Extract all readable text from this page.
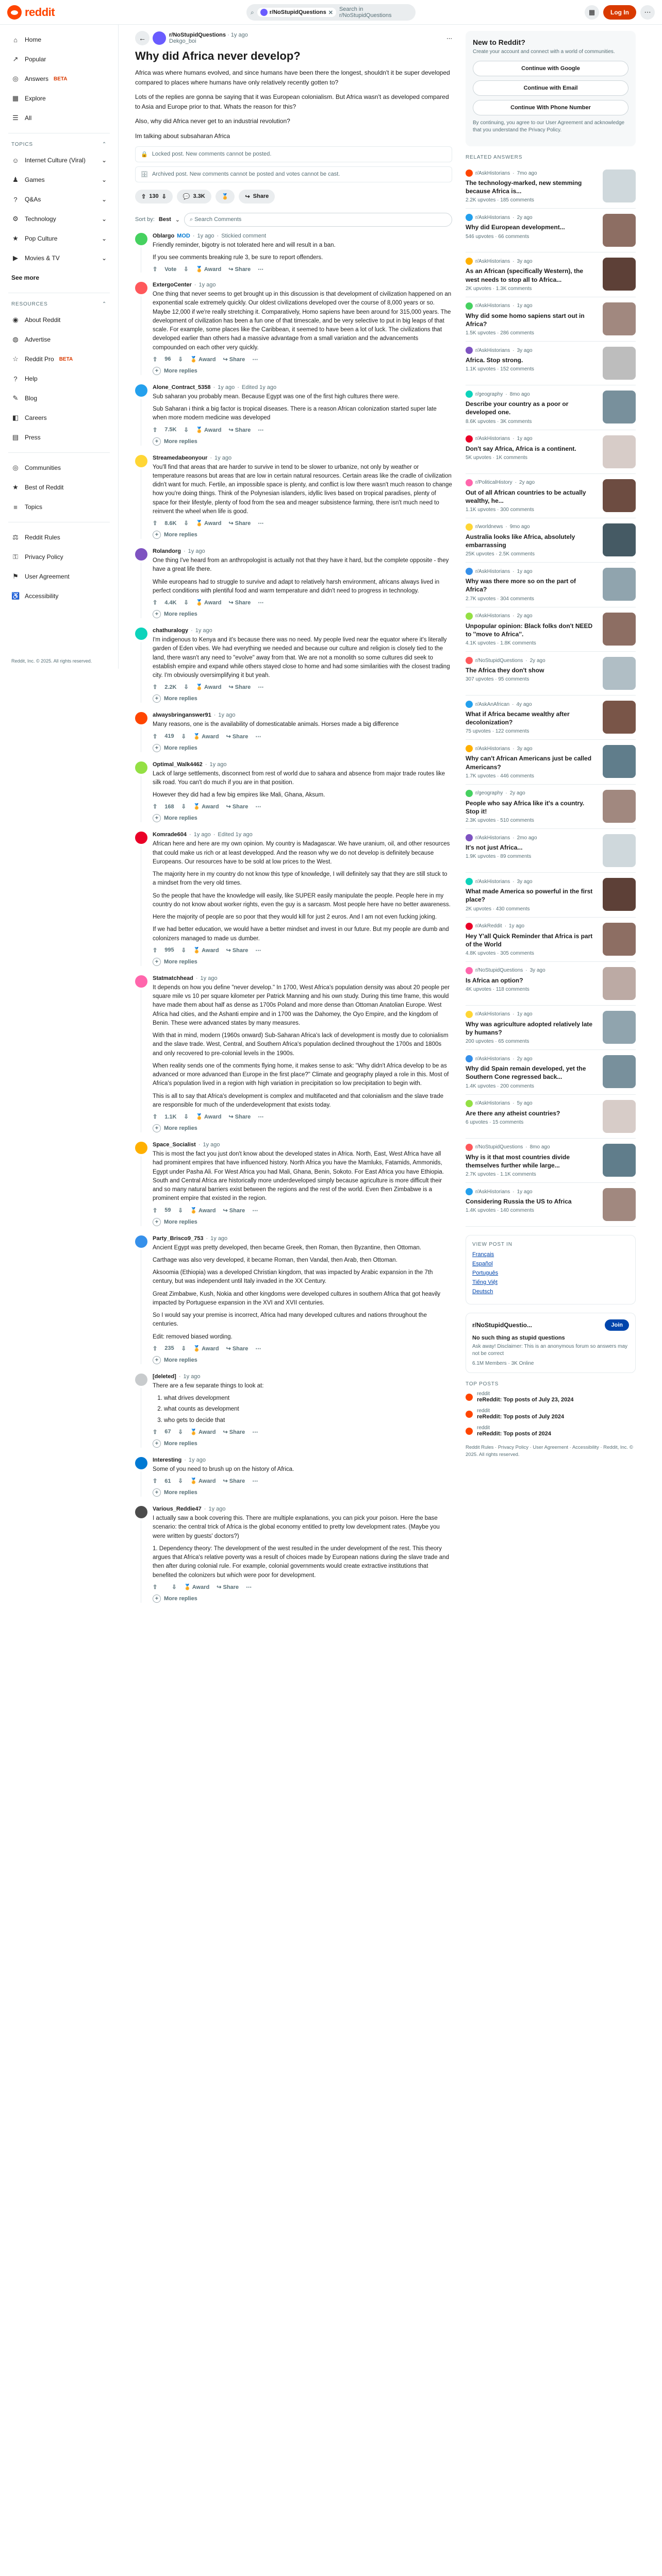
reddit	⌕	r/NoStupidQuestions ✕
Search in r/NoStupidQuestions	▦	Log In	⋯
⌂	Home
↗ Popular
◎ Answers BETA
▦ Explore
☰ All
TOPICS	⌃
☺ Internet Culture (Viral)	⌄
♟ Games	⌄
?	Q&As	⌄
⚙ Technology	⌄
★ Pop Culture	⌄
▶ Movies & TV	⌄
See more
RESOURCES	⌃
◉ About Reddit
◍ Advertise
☆ Reddit Pro BETA
?	Help
✎ Blog
◧ Careers
▤ Press
◎ Communities
★ Best of Reddit
≡	Topics
⚖ Reddit Rules
⚿ Privacy Policy
⚑ User Agreement
♿ Accessibility
Reddit, Inc. © 2025. All rights reserved.
←	r/NoStupidQuestions · 1y ago
Dekgo_boi	⋯
Why did Africa never develop?

Africa was where humans evolved, and since humans have been there the longest, shouldn't it be super developed compared to places where humans have only relatively recently gotten to?

Lots of the replies are gonna be saying that it was European colonialism. But Africa wasn't as developed compared to Asia and Europe prior to that. Whats the reason for this?

Also, why did Africa never get to an industrial revolution?

Im talking about subsaharan Africa

🔒 Locked post. New comments cannot be posted.
🗄 Archived post. New comments cannot be posted and votes cannot be cast.
⇧ 130 ⇩	💬 3.3K	🏅	↪ Share
Sort by: Best ⌄	⌕ Search Comments
Oblargo MOD · 1y ago · Stickied comment

Friendly reminder, bigotry is not tolerated here and will result in a ban.

If you see comments breaking rule 3, be sure to report offenders.

⇧ Vote ⇩ 🏅 Award ↪ Share ⋯
ExtergoCenter · 1y ago

One thing that never seems to get brought up in this discussion is that development of civilization happened on an exponential scale extremely quickly. Our oldest civilizations developed over the course of 8,000 years or so. Maybe 12,000 if we're really stretching it. Comparatively, Homo sapiens have been around for 315,000 years. The development of civilization has been a fun one of that timescale, and be very selective to put in big leaps of that scale. For example, some places like the Caribbean, it seemed to have been a lot of luck. The civilizations that developed earlier than others had a massive advantage from a small variation and the advancements compounded on each other very quickly.

⇧ 96 ⇩ 🏅 Award ↪ Share ⋯
+ More replies
Alone_Contract_5358 · 1y ago · Edited 1y ago

Sub saharan you probably mean. Because Egypt was one of the first high cultures there were.

Sub Saharan i think a big factor is tropical diseases. There is a reason African colonization started super late when more modern medicine was developed

⇧ 7.5K ⇩ 🏅 Award ↪ Share ⋯
+ More replies
Streamedabeonyour · 1y ago

You'll find that areas that are harder to survive in tend to be slower to urbanize, not only by weather or temperature reasons but areas that are low in certain natural resources. Certain areas like the cradle of civilization didn't want for much. Fertile, an impossible space is plenty, and conflict is low there wasn't much reason to change how you're doing things. Think of the Polynesian islanders, idyllic lives based on tropical paradises, plenty of space for their lifestyle, plenty of food from the sea and meager subsistence farming, there isn't much need to reinvent the wheel when life is good.

⇧ 8.6K ⇩ 🏅 Award ↪ Share ⋯
+ More replies
Rolandorg · 1y ago

One thing I've heard from an anthropologist is actually not that they have it hard, but the complete opposite - they have a great life there.

While europeans had to struggle to survive and adapt to relatively harsh environment, africans always lived in perfect conditions with plentiful food and warm temperature and didn't need to progress in technology.

⇧ 4.4K ⇩ 🏅 Award ↪ Share ⋯
+ More replies
chathuralogy · 1y ago

I'm indigenous to Kenya and it's because there was no need. My people lived near the equator where it's literally garden of Eden vibes. We had everything we needed and because our culture and religion is closely tied to the land, there wasn't any need to "evolve" away from that. We are not a monolith so some cultures did seek to establish empire and expand while others stayed close to home and had some similarities with the closest trading city. I'm obviously oversimplifying it but yeah.

⇧ 2.2K ⇩ 🏅 Award ↪ Share ⋯
+ More replies
alwaysbringanswer91 · 1y ago

Many reasons, one is the availability of domesticatable animals. Horses made a big difference

⇧ 419 ⇩ 🏅 Award ↪ Share ⋯
+ More replies
Optimal_Walk4462 · 1y ago

Lack of large settlements, disconnect from rest of world due to sahara and absence from major trade routes like silk road. You can't do much if you are in that position.

However they did had a few big empires like Mali, Ghana, Aksum.

⇧ 168 ⇩ 🏅 Award ↪ Share ⋯
+ More replies
Komrade604 · 1y ago · Edited 1y ago

African here and here are my own opinion. My country is Madagascar. We have uranium, oil, and other resources that could make us rich or at least developped. And the reason why we do not develop is definitely because Europeans. Our resources have to be sold at low prices to the West.

The majority here in my country do not know this type of knowledge, I will definitely say that they are still stuck to a mindset from the very old times.

So the people that have the knowledge will easily, like SUPER easily manipulate the people. People here in my country do not know about worker rights, even the guy is a sarcasm. Most people here have no better awareness.

Here the majority of people are so poor that they would kill for just 2 euros. And I am not even fucking joking.

If we had better education, we would have a better mindset and invest in our future. But my people are dumb and colonizers managed to made us dumber.

⇧ 995 ⇩ 🏅 Award ↪ Share ⋯
+ More replies
Statmatchhead · 1y ago

It depends on how you define "never develop." In 1700, West Africa's population density was about 20 people per square mile vs 10 per square kilometer per Patrick Manning and his own study. During this time frame, this would have made them about half as dense as 1700s Poland and more dense than Ottoman Anatolian Europe. West Africa had cities, and the Ashanti empire and in 1700 was the Dahomey, the Oyo Empire, and the kingdom of Benin. These were advanced states by many measures.

With that in mind, modern (1960s onward) Sub-Saharan Africa's lack of development is mostly due to colonialism and the slave trade. West, Central, and Southern Africa's population declined throughout the 1700s and 1800s and only recovered to pre-colonial levels in the 1900s.

When reality sends one of the comments flying home, it makes sense to ask: "Why didn't Africa develop to be as advanced or more advanced than Europe in the first place?" Climate and geography played a role in this. Most of Africa's population lived in a region with high variation in precipitation so low precipitation to begin with.

This is all to say that Africa's development is complex and multifaceted and that colonialism and the slave trade are responsible for much of the underdevelopment that exists today.

⇧ 1.1K ⇩ 🏅 Award ↪ Share ⋯
+ More replies
Space_Socialist · 1y ago

This is most the fact you just don't know about the developed states in Africa. North, East, West Africa have all had prominent empires that have influenced history. North Africa you have the Mamluks, Fatamids, Ammonids, Egypt under Pasha Ali. For West Africa you had Mali, Ghana, Benin, Sokoto. For East Africa you have Ethiopia. South and Central Africa are historically more underdeveloped simply because agriculture is more difficult their and so many natural barriers exist between the regions and the rest of the world. Even then Zimbabwe is a prominent empire that existed in the region.

⇧ 59 ⇩ 🏅 Award ↪ Share ⋯
+ More replies
Party_Brisco9_753 · 1y ago

Ancient Egypt was pretty developed, then became Greek, then Roman, then Byzantine, then Ottoman.

Carthage was also very developed, it became Roman, then Vandal, then Arab, then Ottoman.

Aksoomia (Ethiopia) was a developed Christian kingdom, that was impacted by Arabic expansion in the 7th century, but was independent until Italy invaded in the XX Century.

Great Zimbabwe, Kush, Nokia and other kingdoms were developed cultures in southern Africa that got heavily impacted by Portuguese expansion in the XVI and XVII centuries.

So I would say your premise is incorrect, Africa had many developed cultures and nations throughout the centuries.

Edit: removed biased wording.

⇧ 235 ⇩ 🏅 Award ↪ Share ⋯
+ More replies
[deleted] · 1y ago

There are a few separate things to look at:

1. what drives development
2. what counts as development
3. who gets to decide that
⇧ 67 ⇩ 🏅 Award ↪ Share ⋯
+ More replies
Interesting · 1y ago

Some of you need to brush up on the history of Africa.

⇧ 61 ⇩ 🏅 Award ↪ Share ⋯
+ More replies
Various_Reddie47 · 1y ago

I actually saw a book covering this. There are multiple explanations, you can pick your poison. Here the base scenario: the central trick of Africa is the global economy entitled to pretty low development rates. (Maybe you were written by guests' doctors?)

1. Dependency theory: The development of the west resulted in the under development of the rest. This theory argues that Africa's relative poverty was a result of choices made by European nations during the slave trade and then after during colonial rule. For example, colonial governments would create extractive institutions that benefited the colonizers but which were poor for development.

⇧	⇩ 🏅 Award ↪ Share ⋯
+ More replies
New to Reddit?
Create your account and connect with a world of communities.
Continue with Google
Continue with Email
Continue With Phone Number
By continuing, you agree to our User Agreement and acknowledge that you understand the Privacy Policy.
RELATED ANSWERS
r/AskHistorians · 7mo ago
The technology-marked, new stemming because Africa is...
2.2K upvotes · 185 comments
r/AskHistorians · 2y ago
Why did European development...
546 upvotes · 66 comments
r/AskHistorians · 3y ago
As an African (specifically Western), the west needs to stop all to Africa...
2K upvotes · 1.3K comments
r/AskHistorians · 1y ago
Why did some homo sapiens start out in Africa?
1.5K upvotes · 286 comments
r/AskHistorians · 3y ago
Africa. Stop strong.
1.1K upvotes · 152 comments
r/geography · 8mo ago
Describe your country as a poor or developed one.
8.6K upvotes · 3K comments
r/AskHistorians · 1y ago
Don't say Africa, Africa is a continent.
5K upvotes · 1K comments
r/PoliticalHistory · 2y ago
Out of all African countries to be actually wealthy, he...
1.1K upvotes · 300 comments
r/worldnews · 9mo ago
Australia looks like Africa, absolutely embarrassing
25K upvotes · 2.5K comments
r/AskHistorians · 1y ago
Why was there more so on the part of Africa?
2.7K upvotes · 304 comments
r/AskHistorians · 2y ago
Unpopular opinion: Black folks don't NEED to ''move to Africa''.
4.1K upvotes · 1.8K comments
r/NoStupidQuestions · 2y ago
The Africa they don't show
307 upvotes · 95 comments
r/AskAnAfrican · 4y ago
What if Africa became wealthy after decolonization?
75 upvotes · 122 comments
r/AskHistorians · 3y ago
Why can't African Americans just be called Americans?
1.7K upvotes · 446 comments
r/geography · 2y ago
People who say Africa like it's a country. Stop it!
2.3K upvotes · 510 comments
r/AskHistorians · 2mo ago
It's not just Africa...
1.9K upvotes · 89 comments
r/AskHistorians · 3y ago
What made America so powerful in the first place?
2K upvotes · 430 comments
r/AskReddit · 1y ago
Hey Y'all Quick Reminder that Africa is part of the World
4.8K upvotes · 305 comments
r/NoStupidQuestions · 3y ago
Is Africa an option?
4K upvotes · 118 comments
r/AskHistorians · 1y ago
Why was agriculture adopted relatively late by humans?
200 upvotes · 65 comments
r/AskHistorians · 2y ago
Why did Spain remain developed, yet the Southern Cone regressed back...
1.4K upvotes · 200 comments
r/AskHistorians · 5y ago
Are there any atheist countries?
6 upvotes · 15 comments
r/NoStupidQuestions · 8mo ago
Why is it that most countries divide themselves further while large...
2.7K upvotes · 1.1K comments
r/AskHistorians · 1y ago
Considering Russia the US to Africa
1.4K upvotes · 140 comments
VIEW POST IN
Français
Español
Português
Tiếng Việt
Deutsch
r/NoStupidQuestio...	Join
No such thing as stupid questions
Ask away! Disclaimer: This is an anonymous forum so answers may not be correct
6.1M Members · 3K Online
TOP POSTS
reddit
reReddit: Top posts of July 23, 2024
reddit
reReddit: Top posts of July 2024
reddit
reReddit: Top posts of 2024
Reddit Rules · Privacy Policy · User Agreement · Accessibility · Reddit, Inc. © 2025. All rights reserved.
